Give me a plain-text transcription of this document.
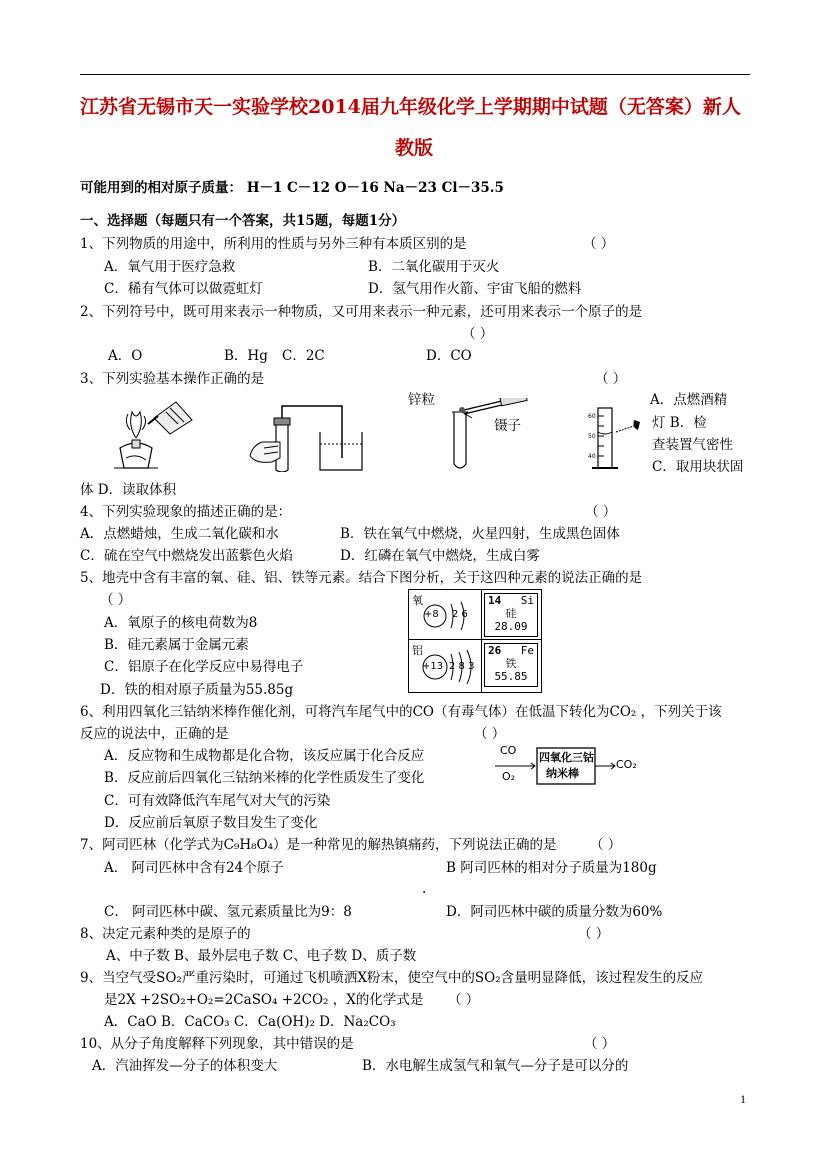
江苏省无锡市天一实验学校2014届九年级化学上学期期中试题（无答案）新人
教版
可能用到的相对原子质量： H－1 C－12 O－16 Na－23 Cl－35.5
一、选择题（每题只有一个答案，共15题，每题1分）
1、下列物质的用途中，所利用的性质与另外三种有本质区别的是	（ ）
A．氧气用于医疗急救	B．二氧化碳用于灭火
C．稀有气体可以做霓虹灯	D．氢气用作火箭、宇宙飞船的燃料
2、下列符号中，既可用来表示一种物质，又可用来表示一种元素，还可用来表示一个原子的是
（ ）
A．O	B．Hg C．2C	D．CO
3、下列实验基本操作正确的是	（ ）
锌粒
镊子
60
50
40
A．点燃酒精
灯 B．检
查装置气密性
C．取用块状固
体 D．读取体积
4、下列实验现象的描述正确的是：	（ ）
A．点燃蜡烛，生成二氧化碳和水	B．铁在氧气中燃烧，火星四射，生成黑色固体
C．硫在空气中燃烧发出蓝紫色火焰	D．红磷在氧气中燃烧，生成白雾
5、地壳中含有丰富的氧、硅、铝、铁等元素。结合下图分析，关于这四种元素的说法正确的是
（ ）
A．氧原子的核电荷数为8
B．硅元素属于金属元素
C．铝原子在化学反应中易得电子
D．铁的相对原子质量为55.85g
氧
+8 2 6
14 Si
硅
28.09
铝
+13 2 8 3
26 Fe
铁
55.85
6、利用四氧化三钴纳米棒作催化剂，可将汽车尾气中的CO（有毒气体）在低温下转化为CO₂ ，下列关于该
反应的说法中，正确的是	（ ）
A．反应物和生成物都是化合物，该反应属于化合反应
B．反应前后四氧化三钴纳米棒的化学性质发生了变化
C．可有效降低汽车尾气对大气的污染
D．反应前后氧原子数目发生了变化
CO
O₂
四氧化三钴
纳米棒
CO₂
7、阿司匹林（化学式为C₉H₈O₄）是一种常见的解热镇痛药，下列说法正确的是 （ ）
A． 阿司匹林中含有24个原子	B 阿司匹林的相对分子质量为180g
.
C． 阿司匹林中碳、氢元素质量比为9：8	D．阿司匹林中碳的质量分数为60%
8、决定元素种类的是原子的	（ ）
A、中子数 B、最外层电子数 C、电子数 D、质子数
9、当空气受SO₂严重污染时，可通过飞机喷洒X粉末，使空气中的SO₂含量明显降低，该过程发生的反应
是2X +2SO₂+O₂=2CaSO₄ +2CO₂ ，X的化学式是 （ ）
A．CaO B．CaCO₃ C．Ca(OH)₂ D．Na₂CO₃
10、从分子角度解释下列现象，其中错误的是	（ ）
A．汽油挥发—分子的体积变大	B．水电解生成氢气和氧气—分子是可以分的
1
